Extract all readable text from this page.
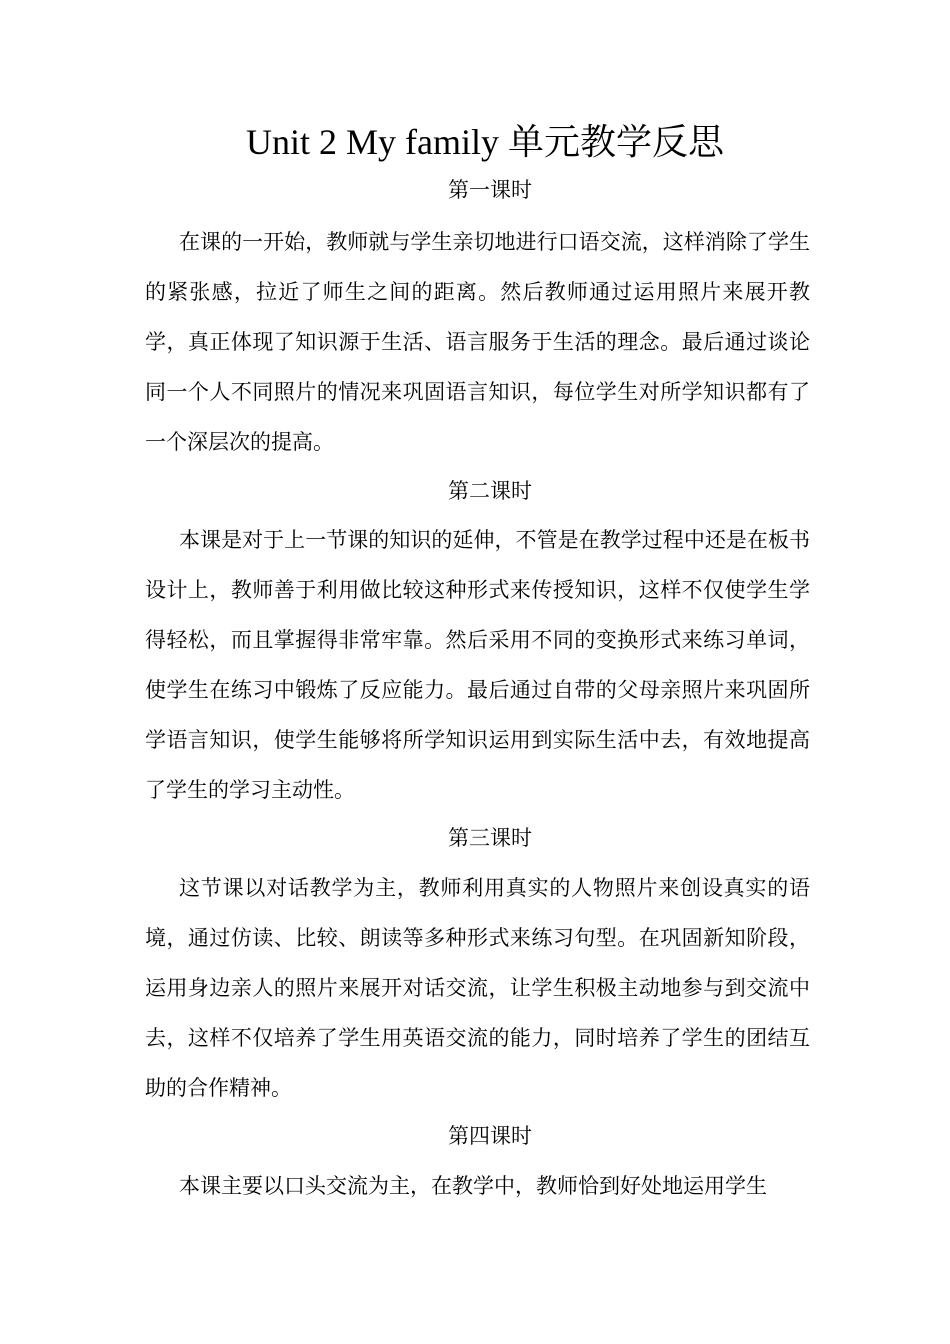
Unit 2 My family 单元教学反思
第一课时

在课的一开始，教师就与学生亲切地进行口语交流，这样消除了学生的紧张感，拉近了师生之间的距离。然后教师通过运用照片来展开教学，真正体现了知识源于生活、语言服务于生活的理念。最后通过谈论同一个人不同照片的情况来巩固语言知识，每位学生对所学知识都有了一个深层次的提高。

第二课时

本课是对于上一节课的知识的延伸，不管是在教学过程中还是在板书设计上，教师善于利用做比较这种形式来传授知识，这样不仅使学生学得轻松，而且掌握得非常牢靠。然后采用不同的变换形式来练习单词，使学生在练习中锻炼了反应能力。最后通过自带的父母亲照片来巩固所学语言知识，使学生能够将所学知识运用到实际生活中去，有效地提高了学生的学习主动性。

第三课时

这节课以对话教学为主，教师利用真实的人物照片来创设真实的语境，通过仿读、比较、朗读等多种形式来练习句型。在巩固新知阶段，运用身边亲人的照片来展开对话交流，让学生积极主动地参与到交流中去，这样不仅培养了学生用英语交流的能力，同时培养了学生的团结互助的合作精神。

第四课时

本课主要以口头交流为主，在教学中，教师恰到好处地运用学生
